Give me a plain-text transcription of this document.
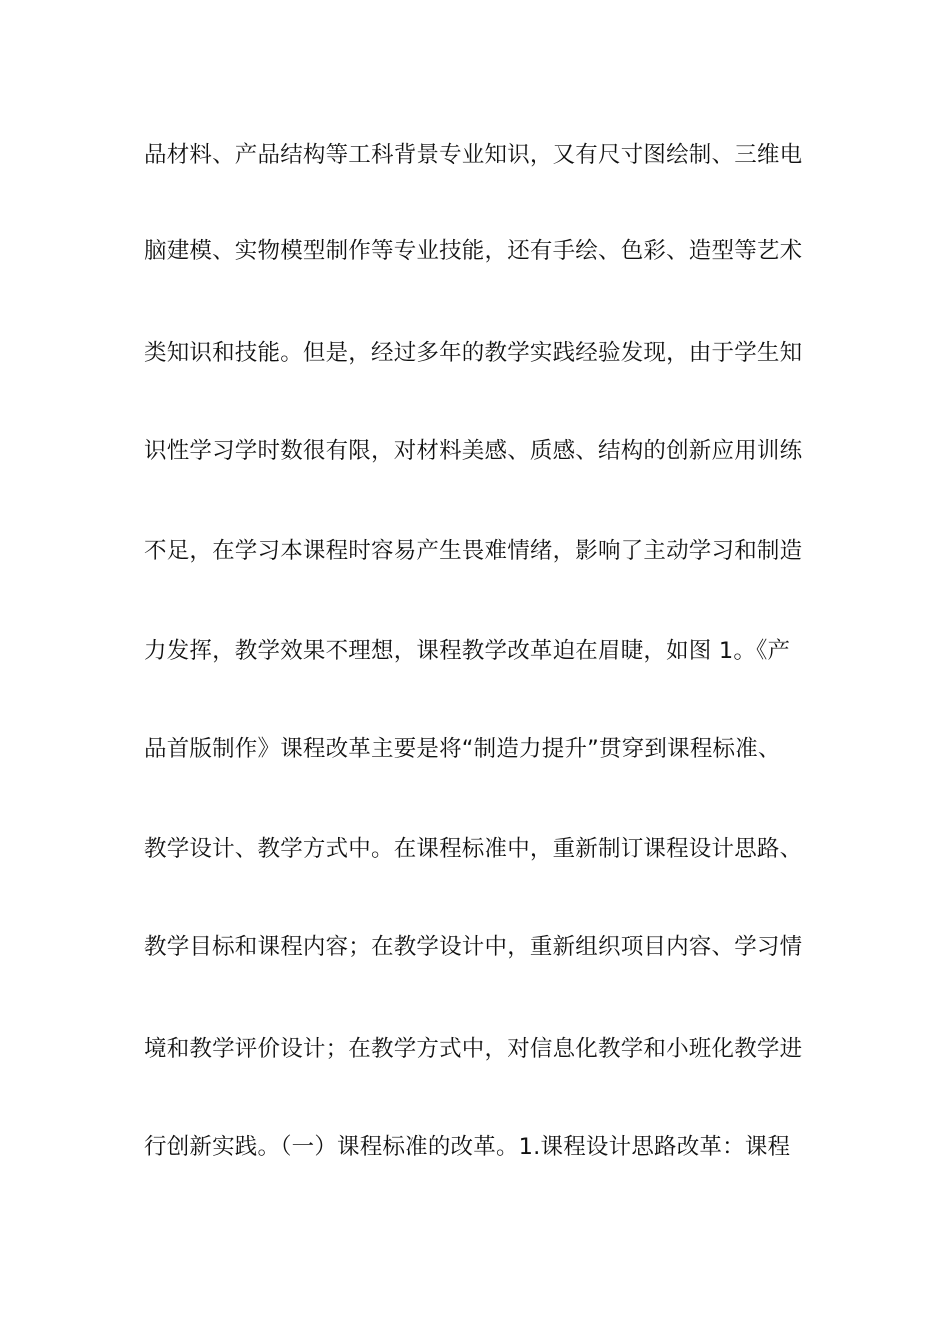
品材料、产品结构等工科背景专业知识，又有尺寸图绘制、三维电
脑建模、实物模型制作等专业技能，还有手绘、色彩、造型等艺术
类知识和技能。但是，经过多年的教学实践经验发现，由于学生知
识性学习学时数很有限，对材料美感、质感、结构的创新应用训练
不足，在学习本课程时容易产生畏难情绪，影响了主动学习和制造
力发挥，教学效果不理想，课程教学改革迫在眉睫，如图 1。《产
品首版制作》课程改革主要是将“制造力提升”贯穿到课程标准、
教学设计、教学方式中。在课程标准中，重新制订课程设计思路、
教学目标和课程内容；在教学设计中，重新组织项目内容、学习情
境和教学评价设计；在教学方式中，对信息化教学和小班化教学进
行创新实践。（一）课程标准的改革。1.课程设计思路改革：课程
